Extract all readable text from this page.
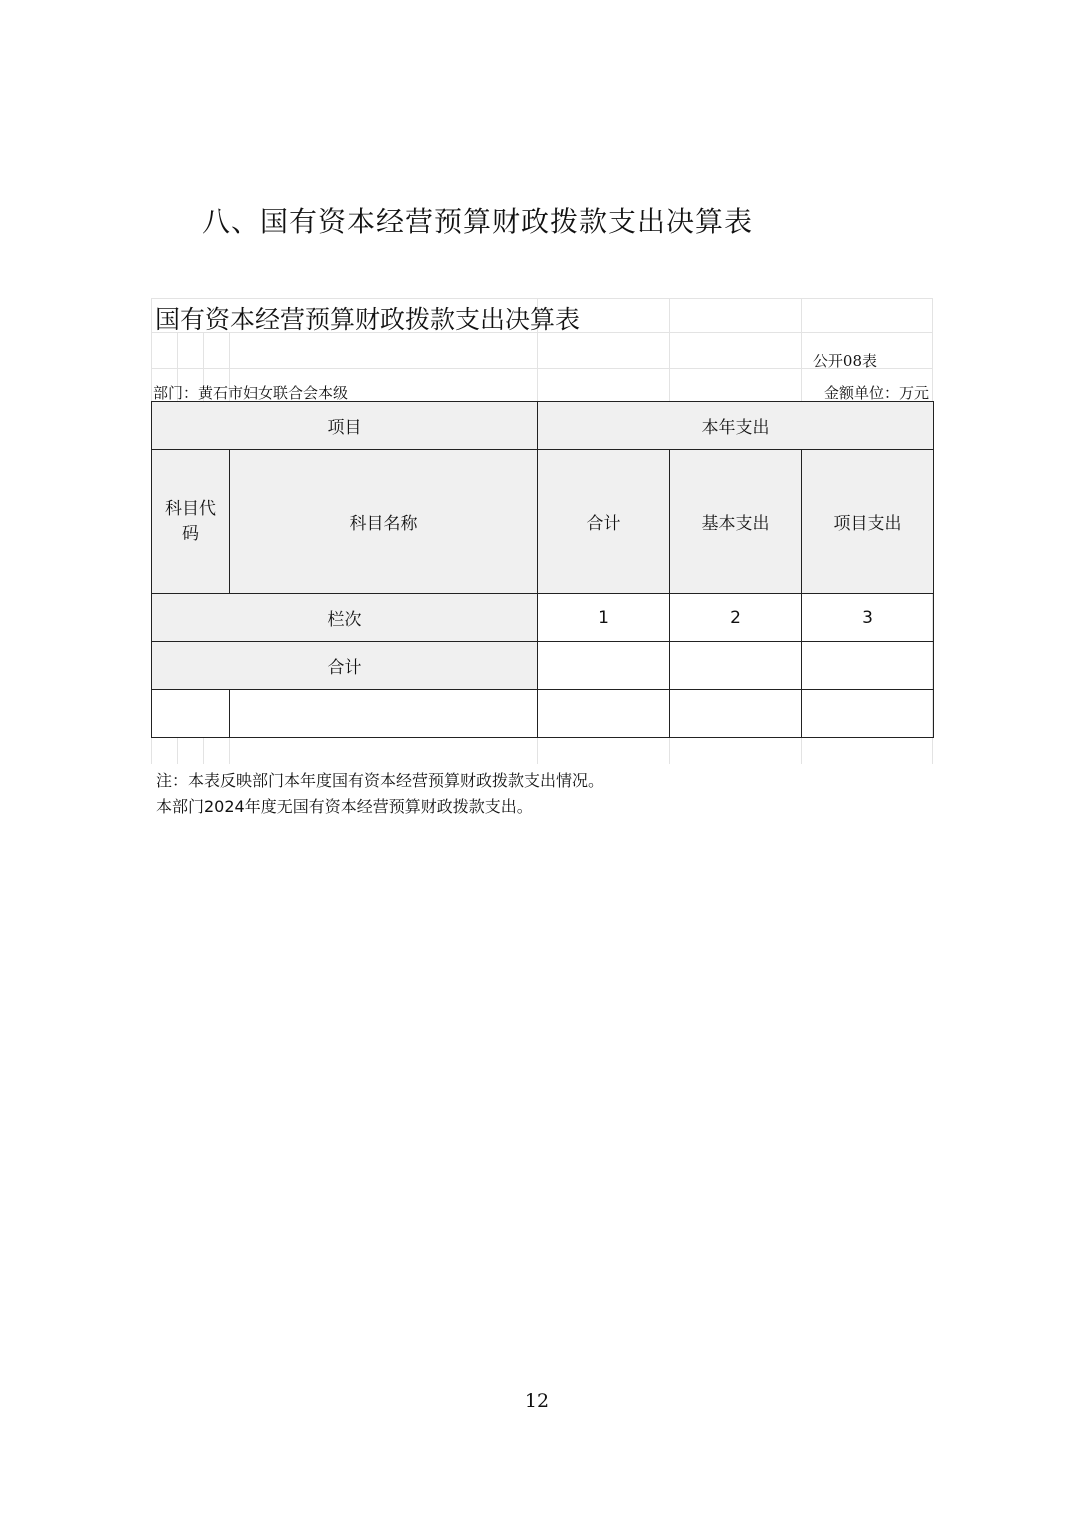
八、国有资本经营预算财政拨款支出决算表
国有资本经营预算财政拨款支出决算表
公开08表
部门：黄石市妇女联合会本级	金额单位：万元
项目		本年支出		
科目代码	科目名称	合计	基本支出	项目支出
栏次		1	2	3
合计				

注：本表反映部门本年度国有资本经营预算财政拨款支出情况。
本部门2024年度无国有资本经营预算财政拨款支出。
12
